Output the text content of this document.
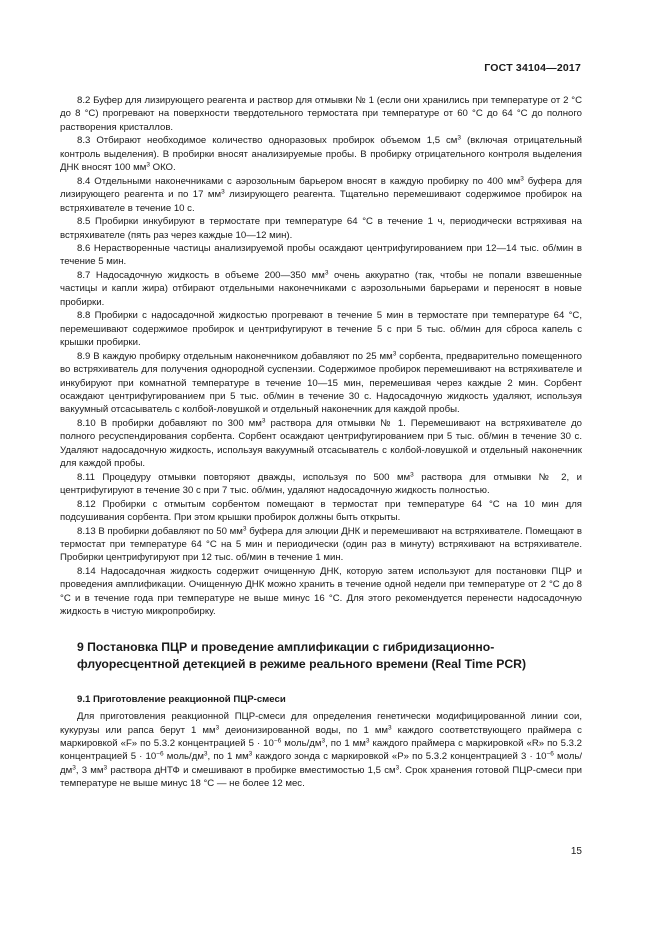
ГОСТ 34104—2017

8.2 Буфер для лизирующего реагента и раствор для отмывки № 1 (если они хранились при температуре от 2 °С до 8 °С) прогревают на поверхности твердотельного термостата при температуре от 60 °С до 64 °С до полного растворения кристаллов.

8.3 Отбирают необходимое количество одноразовых пробирок объемом 1,5 $см^3$ (включая отрицательный контроль выделения). В пробирки вносят анализируемые пробы. В пробирку отрицательного контроля выделения ДНК вносят 100 $мм^3$ ОКО.

8.4 Отдельными наконечниками с аэрозольным барьером вносят в каждую пробирку по 400 $мм^3$ буфера для лизирующего реагента и по 17 $мм^3$ лизирующего реагента. Тщательно перемешивают содержимое пробирок на встряхивателе в течение 10 с.

8.5 Пробирки инкубируют в термостате при температуре 64 °С в течение 1 ч, периодически встряхивая на встряхивателе (пять раз через каждые 10—12 мин).

8.6 Нерастворенные частицы анализируемой пробы осаждают центрифугированием при 12—14 тыс. об/мин в течение 5 мин.

8.7 Надосадочную жидкость в объеме 200—350 $мм^3$ очень аккуратно (так, чтобы не попали взвешенные частицы и капли жира) отбирают отдельными наконечниками с аэрозольными барьерами и переносят в новые пробирки.

8.8 Пробирки с надосадочной жидкостью прогревают в течение 5 мин в термостате при температуре 64 °С, перемешивают содержимое пробирок и центрифугируют в течение 5 с при 5 тыс. об/мин для сброса капель с крышки пробирки.

8.9 В каждую пробирку отдельным наконечником добавляют по 25 $мм^3$ сорбента, предварительно помещенного во встряхиватель для получения однородной суспензии. Содержимое пробирок перемешивают на встряхивателе и инкубируют при комнатной температуре в течение 10—15 мин, перемешивая через каждые 2 мин. Сорбент осаждают центрифугированием при 5 тыс. об/мин в течение 30 с. Надосадочную жидкость удаляют, используя вакуумный отсасыватель с колбой-ловушкой и отдельный наконечник для каждой пробы.

8.10 В пробирки добавляют по 300 $мм^3$ раствора для отмывки № 1. Перемешивают на встряхивателе до полного ресуспендирования сорбента. Сорбент осаждают центрифугированием при 5 тыс. об/мин в течение 30 с. Удаляют надосадочную жидкость, используя вакуумный отсасыватель с колбой-ловушкой и отдельный наконечник для каждой пробы.

8.11 Процедуру отмывки повторяют дважды, используя по 500 $мм^3$ раствора для отмывки № 2, и центрифугируют в течение 30 с при 7 тыс. об/мин, удаляют надосадочную жидкость полностью.

8.12 Пробирки с отмытым сорбентом помещают в термостат при температуре 64 °С на 10 мин для подсушивания сорбента. При этом крышки пробирок должны быть открыты.

8.13 В пробирки добавляют по 50 $мм^3$ буфера для элюции ДНК и перемешивают на встряхивателе. Помещают в термостат при температуре 64 °С на 5 мин и периодически (один раз в минуту) встряхивают на встряхивателе. Пробирки центрифугируют при 12 тыс. об/мин в течение 1 мин.

8.14 Надосадочная жидкость содержит очищенную ДНК, которую затем используют для постановки ПЦР и проведения амплификации. Очищенную ДНК можно хранить в течение одной недели при температуре от 2 °С до 8 °С и в течение года при температуре не выше минус 16 °С. Для этого рекомендуется перенести надосадочную жидкость в чистую микропробирку.

9 Постановка ПЦР и проведение амплификации с гибридизационно-флуоресцентной детекцией в режиме реального времени (Real Time PCR)
9.1 Приготовление реакционной ПЦР-смеси

Для приготовления реакционной ПЦР-смеси для определения генетически модифицированной линии сои, кукурузы или рапса берут 1 $мм^3$ деионизированной воды, по 1 $мм^3$ каждого соответствующего праймера с маркировкой «F» по 5.3.2 концентрацией $5 \cdot 10^{-6}$ моль/$дм^3$, по 1 $мм^3$ каждого праймера с маркировкой «R» по 5.3.2 концентрацией $5 \cdot 10^{-6}$ моль/$дм^3$, по 1 $мм^3$ каждого зонда с маркировкой «P» по 5.3.2 концентрацией $3 \cdot 10^{-6}$ моль/$дм^3$, 3 $мм^3$ раствора дНТФ и смешивают в пробирке вместимостью 1,5 $см^3$. Срок хранения готовой ПЦР-смеси при температуре не выше минус 18 °С — не более 12 мес.

15
